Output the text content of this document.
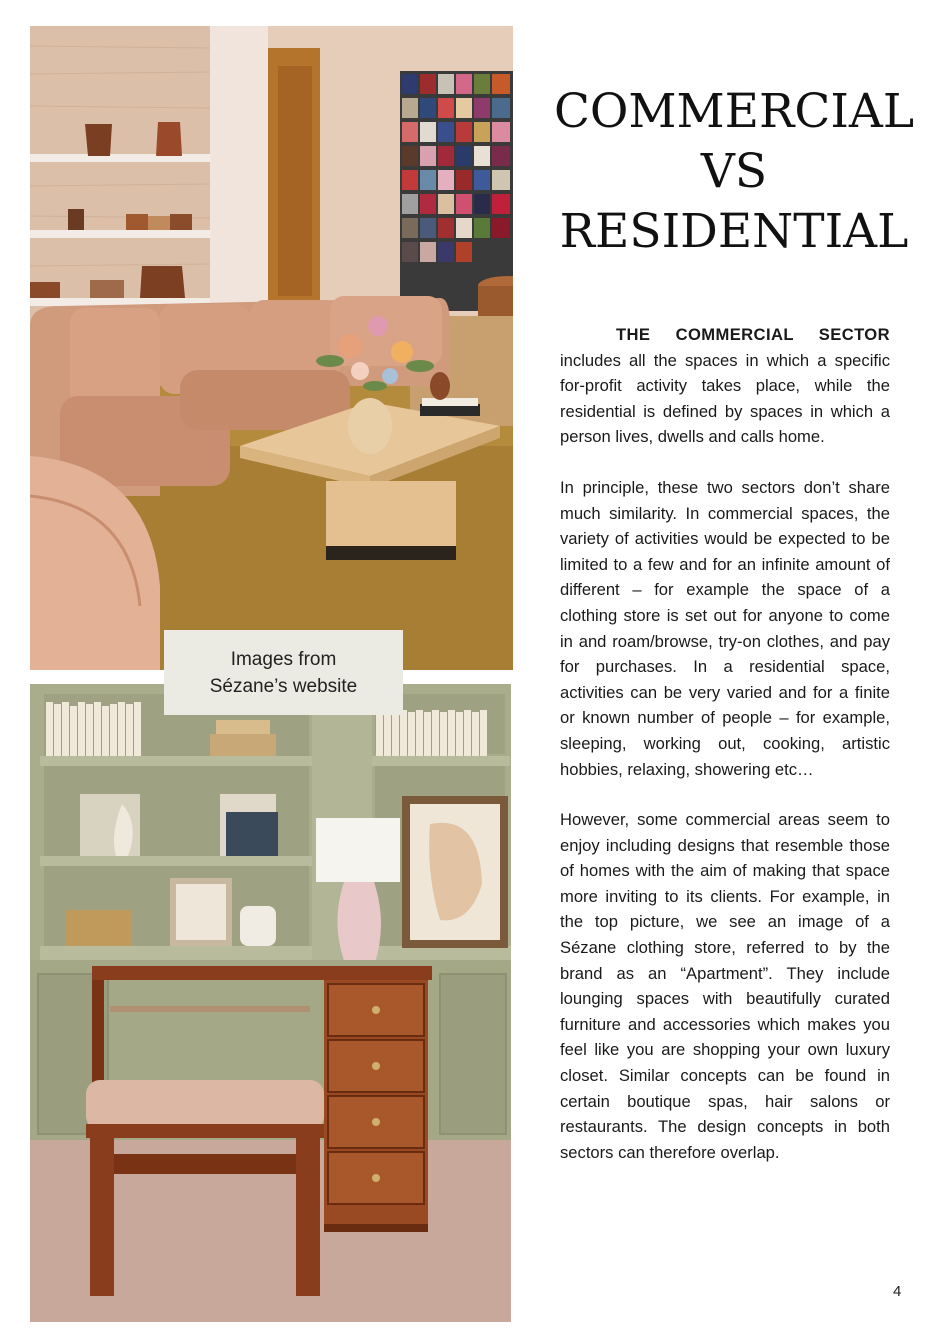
Images from
Sézane’s website
COMMERCIAL
VS
RESIDENTIAL

THE COMMERCIAL SECTOR includes all the spaces in which a specific for-profit activity takes place, while the residential is defined by spaces in which a person lives, dwells and calls home.

In principle, these two sectors don’t share much similarity. In commercial spaces, the variety of activities would be expected to be limited to a few and for an infinite amount of different – for example the space of a clothing store is set out for anyone to come in and roam/browse, try-on clothes, and pay for purchases. In a residential space, activities can be very varied and for a finite or known number of people – for example, sleeping, working out, cooking, artistic hobbies, relaxing, showering etc…

However, some commercial areas seem to enjoy including designs that resemble those of homes with the aim of making that space more inviting to its clients. For example, in the top picture, we see an image of a Sézane clothing store, referred to by the brand as an “Apartment”. They include lounging spaces with beautifully curated furniture and accessories which makes you feel like you are shopping your own luxury closet. Similar concepts can be found in certain boutique spas, hair salons or restaurants. The design concepts in both sectors can therefore overlap.

4
